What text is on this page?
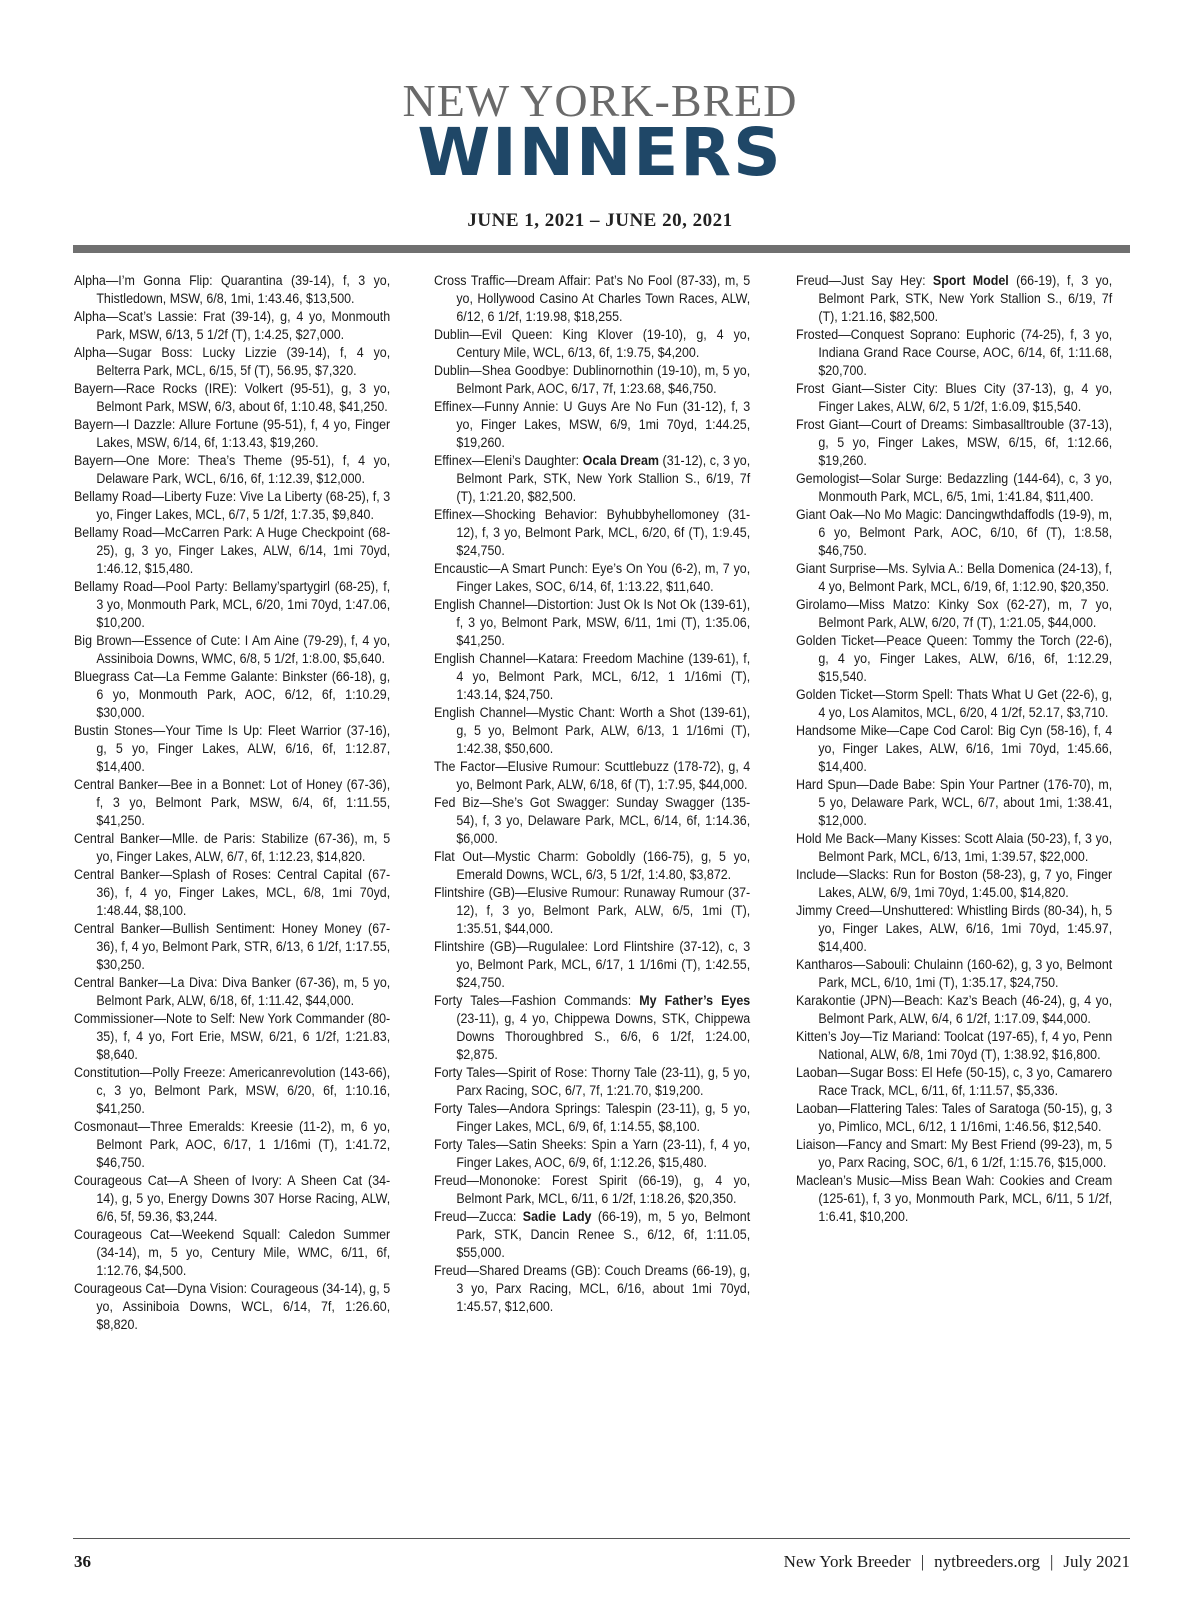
NEW YORK-BRED
WINNERS
JUNE 1, 2021 – JUNE 20, 2021

Alpha—I’m Gonna Flip: Quarantina (39-14), f, 3 yo, Thistledown, MSW, 6/8, 1mi, 1:43.46, $13,500.

Alpha—Scat’s Lassie: Frat (39-14), g, 4 yo, Monmouth Park, MSW, 6/13, 5 1/2f (T), 1:4.25, $27,000.

Alpha—Sugar Boss: Lucky Lizzie (39-14), f, 4 yo, Belterra Park, MCL, 6/15, 5f (T), 56.95, $7,320.

Bayern—Race Rocks (IRE): Volkert (95-51), g, 3 yo, Belmont Park, MSW, 6/3, about 6f, 1:10.48, $41,250.

Bayern—I Dazzle: Allure Fortune (95-51), f, 4 yo, Finger Lakes, MSW, 6/14, 6f, 1:13.43, $19,260.

Bayern—One More: Thea’s Theme (95-51), f, 4 yo, Delaware Park, WCL, 6/16, 6f, 1:12.39, $12,000.

Bellamy Road—Liberty Fuze: Vive La Liberty (68-25), f, 3 yo, Finger Lakes, MCL, 6/7, 5 1/2f, 1:7.35, $9,840.

Bellamy Road—McCarren Park: A Huge Checkpoint (68-25), g, 3 yo, Finger Lakes, ALW, 6/14, 1mi 70yd, 1:46.12, $15,480.

Bellamy Road—Pool Party: Bellamy’spartygirl (68-25), f, 3 yo, Monmouth Park, MCL, 6/20, 1mi 70yd, 1:47.06, $10,200.

Big Brown—Essence of Cute: I Am Aine (79-29), f, 4 yo, Assiniboia Downs, WMC, 6/8, 5 1/2f, 1:8.00, $5,640.

Bluegrass Cat—La Femme Galante: Binkster (66-18), g, 6 yo, Monmouth Park, AOC, 6/12, 6f, 1:10.29, $30,000.

Bustin Stones—Your Time Is Up: Fleet Warrior (37-16), g, 5 yo, Finger Lakes, ALW, 6/16, 6f, 1:12.87, $14,400.

Central Banker—Bee in a Bonnet: Lot of Honey (67-36), f, 3 yo, Belmont Park, MSW, 6/4, 6f, 1:11.55, $41,250.

Central Banker—Mlle. de Paris: Stabilize (67-36), m, 5 yo, Finger Lakes, ALW, 6/7, 6f, 1:12.23, $14,820.

Central Banker—Splash of Roses: Central Capital (67-36), f, 4 yo, Finger Lakes, MCL, 6/8, 1mi 70yd, 1:48.44, $8,100.

Central Banker—Bullish Sentiment: Honey Money (67-36), f, 4 yo, Belmont Park, STR, 6/13, 6 1/2f, 1:17.55, $30,250.

Central Banker—La Diva: Diva Banker (67-36), m, 5 yo, Belmont Park, ALW, 6/18, 6f, 1:11.42, $44,000.

Commissioner—Note to Self: New York Commander (80-35), f, 4 yo, Fort Erie, MSW, 6/21, 6 1/2f, 1:21.83, $8,640.

Constitution—Polly Freeze: Americanrevolution (143-66), c, 3 yo, Belmont Park, MSW, 6/20, 6f, 1:10.16, $41,250.

Cosmonaut—Three Emeralds: Kreesie (11-2), m, 6 yo, Belmont Park, AOC, 6/17, 1 1/16mi (T), 1:41.72, $46,750.

Courageous Cat—A Sheen of Ivory: A Sheen Cat (34-14), g, 5 yo, Energy Downs 307 Horse Racing, ALW, 6/6, 5f, 59.36, $3,244.

Courageous Cat—Weekend Squall: Caledon Summer (34-14), m, 5 yo, Century Mile, WMC, 6/11, 6f, 1:12.76, $4,500.

Courageous Cat—Dyna Vision: Courageous (34-14), g, 5 yo, Assiniboia Downs, WCL, 6/14, 7f, 1:26.60, $8,820.

Cross Traffic—Dream Affair: Pat’s No Fool (87-33), m, 5 yo, Hollywood Casino At Charles Town Races, ALW, 6/12, 6 1/2f, 1:19.98, $18,255.

Dublin—Evil Queen: King Klover (19-10), g, 4 yo, Century Mile, WCL, 6/13, 6f, 1:9.75, $4,200.

Dublin—Shea Goodbye: Dublinornothin (19-10), m, 5 yo, Belmont Park, AOC, 6/17, 7f, 1:23.68, $46,750.

Effinex—Funny Annie: U Guys Are No Fun (31-12), f, 3 yo, Finger Lakes, MSW, 6/9, 1mi 70yd, 1:44.25, $19,260.

Effinex—Eleni’s Daughter: Ocala Dream (31-12), c, 3 yo, Belmont Park, STK, New York Stallion S., 6/19, 7f (T), 1:21.20, $82,500.

Effinex—Shocking Behavior: Byhubbyhellomoney (31-12), f, 3 yo, Belmont Park, MCL, 6/20, 6f (T), 1:9.45, $24,750.

Encaustic—A Smart Punch: Eye’s On You (6-2), m, 7 yo, Finger Lakes, SOC, 6/14, 6f, 1:13.22, $11,640.

English Channel—Distortion: Just Ok Is Not Ok (139-61), f, 3 yo, Belmont Park, MSW, 6/11, 1mi (T), 1:35.06, $41,250.

English Channel—Katara: Freedom Machine (139-61), f, 4 yo, Belmont Park, MCL, 6/12, 1 1/16mi (T), 1:43.14, $24,750.

English Channel—Mystic Chant: Worth a Shot (139-61), g, 5 yo, Belmont Park, ALW, 6/13, 1 1/16mi (T), 1:42.38, $50,600.

The Factor—Elusive Rumour: Scuttlebuzz (178-72), g, 4 yo, Belmont Park, ALW, 6/18, 6f (T), 1:7.95, $44,000.

Fed Biz—She’s Got Swagger: Sunday Swagger (135-54), f, 3 yo, Delaware Park, MCL, 6/14, 6f, 1:14.36, $6,000.

Flat Out—Mystic Charm: Goboldly (166-75), g, 5 yo, Emerald Downs, WCL, 6/3, 5 1/2f, 1:4.80, $3,872.

Flintshire (GB)—Elusive Rumour: Runaway Rumour (37-12), f, 3 yo, Belmont Park, ALW, 6/5, 1mi (T), 1:35.51, $44,000.

Flintshire (GB)—Rugulalee: Lord Flintshire (37-12), c, 3 yo, Belmont Park, MCL, 6/17, 1 1/16mi (T), 1:42.55, $24,750.

Forty Tales—Fashion Commands: My Father’s Eyes (23-11), g, 4 yo, Chippewa Downs, STK, Chippewa Downs Thoroughbred S., 6/6, 6 1/2f, 1:24.00, $2,875.

Forty Tales—Spirit of Rose: Thorny Tale (23-11), g, 5 yo, Parx Racing, SOC, 6/7, 7f, 1:21.70, $19,200.

Forty Tales—Andora Springs: Talespin (23-11), g, 5 yo, Finger Lakes, MCL, 6/9, 6f, 1:14.55, $8,100.

Forty Tales—Satin Sheeks: Spin a Yarn (23-11), f, 4 yo, Finger Lakes, AOC, 6/9, 6f, 1:12.26, $15,480.

Freud—Mononoke: Forest Spirit (66-19), g, 4 yo, Belmont Park, MCL, 6/11, 6 1/2f, 1:18.26, $20,350.

Freud—Zucca: Sadie Lady (66-19), m, 5 yo, Belmont Park, STK, Dancin Renee S., 6/12, 6f, 1:11.05, $55,000.

Freud—Shared Dreams (GB): Couch Dreams (66-19), g, 3 yo, Parx Racing, MCL, 6/16, about 1mi 70yd, 1:45.57, $12,600.

Freud—Just Say Hey: Sport Model (66-19), f, 3 yo, Belmont Park, STK, New York Stallion S., 6/19, 7f (T), 1:21.16, $82,500.

Frosted—Conquest Soprano: Euphoric (74-25), f, 3 yo, Indiana Grand Race Course, AOC, 6/14, 6f, 1:11.68, $20,700.

Frost Giant—Sister City: Blues City (37-13), g, 4 yo, Finger Lakes, ALW, 6/2, 5 1/2f, 1:6.09, $15,540.

Frost Giant—Court of Dreams: Simbasalltrouble (37-13), g, 5 yo, Finger Lakes, MSW, 6/15, 6f, 1:12.66, $19,260.

Gemologist—Solar Surge: Bedazzling (144-64), c, 3 yo, Monmouth Park, MCL, 6/5, 1mi, 1:41.84, $11,400.

Giant Oak—No Mo Magic: Dancingwthdaffodls (19-9), m, 6 yo, Belmont Park, AOC, 6/10, 6f (T), 1:8.58, $46,750.

Giant Surprise—Ms. Sylvia A.: Bella Domenica (24-13), f, 4 yo, Belmont Park, MCL, 6/19, 6f, 1:12.90, $20,350.

Girolamo—Miss Matzo: Kinky Sox (62-27), m, 7 yo, Belmont Park, ALW, 6/20, 7f (T), 1:21.05, $44,000.

Golden Ticket—Peace Queen: Tommy the Torch (22-6), g, 4 yo, Finger Lakes, ALW, 6/16, 6f, 1:12.29, $15,540.

Golden Ticket—Storm Spell: Thats What U Get (22-6), g, 4 yo, Los Alamitos, MCL, 6/20, 4 1/2f, 52.17, $3,710.

Handsome Mike—Cape Cod Carol: Big Cyn (58-16), f, 4 yo, Finger Lakes, ALW, 6/16, 1mi 70yd, 1:45.66, $14,400.

Hard Spun—Dade Babe: Spin Your Partner (176-70), m, 5 yo, Delaware Park, WCL, 6/7, about 1mi, 1:38.41, $12,000.

Hold Me Back—Many Kisses: Scott Alaia (50-23), f, 3 yo, Belmont Park, MCL, 6/13, 1mi, 1:39.57, $22,000.

Include—Slacks: Run for Boston (58-23), g, 7 yo, Finger Lakes, ALW, 6/9, 1mi 70yd, 1:45.00, $14,820.

Jimmy Creed—Unshuttered: Whistling Birds (80-34), h, 5 yo, Finger Lakes, ALW, 6/16, 1mi 70yd, 1:45.97, $14,400.

Kantharos—Sabouli: Chulainn (160-62), g, 3 yo, Belmont Park, MCL, 6/10, 1mi (T), 1:35.17, $24,750.

Karakontie (JPN)—Beach: Kaz’s Beach (46-24), g, 4 yo, Belmont Park, ALW, 6/4, 6 1/2f, 1:17.09, $44,000.

Kitten’s Joy—Tiz Mariand: Toolcat (197-65), f, 4 yo, Penn National, ALW, 6/8, 1mi 70yd (T), 1:38.92, $16,800.

Laoban—Sugar Boss: El Hefe (50-15), c, 3 yo, Camarero Race Track, MCL, 6/11, 6f, 1:11.57, $5,336.

Laoban—Flattering Tales: Tales of Saratoga (50-15), g, 3 yo, Pimlico, MCL, 6/12, 1 1/16mi, 1:46.56, $12,540.

Liaison—Fancy and Smart: My Best Friend (99-23), m, 5 yo, Parx Racing, SOC, 6/1, 6 1/2f, 1:15.76, $15,000.

Maclean’s Music—Miss Bean Wah: Cookies and Cream (125-61), f, 3 yo, Monmouth Park, MCL, 6/11, 5 1/2f, 1:6.41, $10,200.

36	New York Breeder | nytbreeders.org | July 2021
